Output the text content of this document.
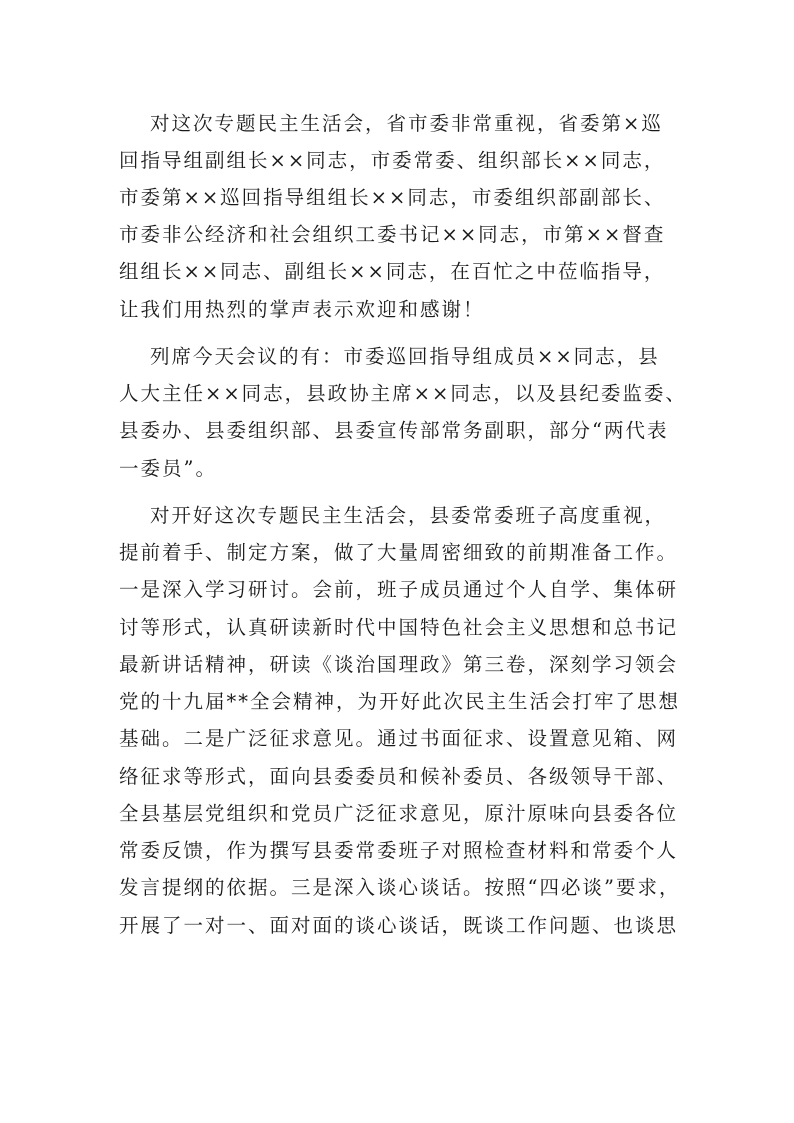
对这次专题民主生活会，省市委非常重视，省委第×巡
回指导组副组长××同志，市委常委、组织部长××同志，
市委第××巡回指导组组长××同志，市委组织部副部长、
市委非公经济和社会组织工委书记××同志，市第××督查
组组长××同志、副组长××同志，在百忙之中莅临指导，
让我们用热烈的掌声表示欢迎和感谢！
列席今天会议的有：市委巡回指导组成员××同志，县
人大主任××同志，县政协主席××同志，以及县纪委监委、
县委办、县委组织部、县委宣传部常务副职，部分“两代表
一委员”。
对开好这次专题民主生活会，县委常委班子高度重视，
提前着手、制定方案，做了大量周密细致的前期准备工作。
一是深入学习研讨。会前，班子成员通过个人自学、集体研
讨等形式，认真研读新时代中国特色社会主义思想和总书记
最新讲话精神，研读《谈治国理政》第三卷，深刻学习领会
党的十九届**全会精神，为开好此次民主生活会打牢了思想
基础。二是广泛征求意见。通过书面征求、设置意见箱、网
络征求等形式，面向县委委员和候补委员、各级领导干部、
全县基层党组织和党员广泛征求意见，原汁原味向县委各位
常委反馈，作为撰写县委常委班子对照检查材料和常委个人
发言提纲的依据。三是深入谈心谈话。按照“四必谈”要求，
开展了一对一、面对面的谈心谈话，既谈工作问题、也谈思
